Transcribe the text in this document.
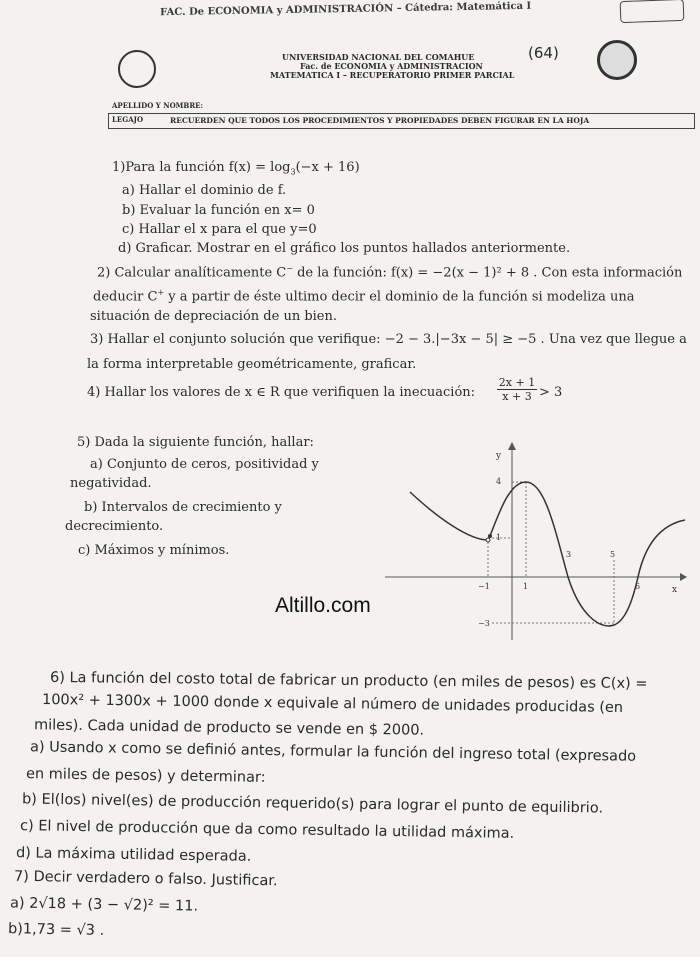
FAC. De ECONOMIA y ADMINISTRACIÓN – Cátedra: Matemática I
UNIVERSIDAD NACIONAL DEL COMAHUE
Fac. de ECONOMIA y ADMINISTRACION
MATEMATICA I – RECUPERATORIO PRIMER PARCIAL
(64)
APELLIDO Y NOMBRE:
LEGAJO	RECUERDEN QUE TODOS LOS PROCEDIMIENTOS Y PROPIEDADES DEBEN FIGURAR EN LA HOJA
1)Para la función $f(x) = \log_3(-x + 16)$
a) Hallar el dominio de f.
b) Evaluar la función en x= 0
c) Hallar el x para el que y=0
d) Graficar. Mostrar en el gráfico los puntos hallados anteriormente.
2) Calcular analíticamente C− de la función: f(x) = −2(x − 1)² + 8 . Con esta información
deducir C+ y a partir de éste ultimo decir el dominio de la función si modeliza una
situación de depreciación de un bien.
3) Hallar el conjunto solución que verifique: −2 − 3.|−3x − 5| ≥ −5 . Una vez que llegue a
la forma interpretable geométricamente, graficar.
4) Hallar los valores de x ∈ R que verifiquen la inecuación: $\frac{2x + 1}{x + 3} > 3$
5) Dada la siguiente función, hallar:
a) Conjunto de ceros, positividad y
negatividad.
b) Intervalos de crecimiento y
decrecimiento.
c) Máximos y mínimos.
y
x
4
1
−3
−1	1
3	5
6
Altillo.com
6) La función del costo total de fabricar un producto (en miles de pesos) es C(x) =
100x² + 1300x + 1000 donde x equivale al número de unidades producidas (en
miles). Cada unidad de producto se vende en $ 2000.
a) Usando x como se definió antes, formular la función del ingreso total (expresado
en miles de pesos) y determinar:
b) El(los) nivel(es) de producción requerido(s) para lograr el punto de equilibrio.
c) El nivel de producción que da como resultado la utilidad máxima.
d) La máxima utilidad esperada.
7) Decir verdadero o falso. Justificar.
a) 2√18 + (3 − √2)² = 11.
b)1,73 = √3 .
